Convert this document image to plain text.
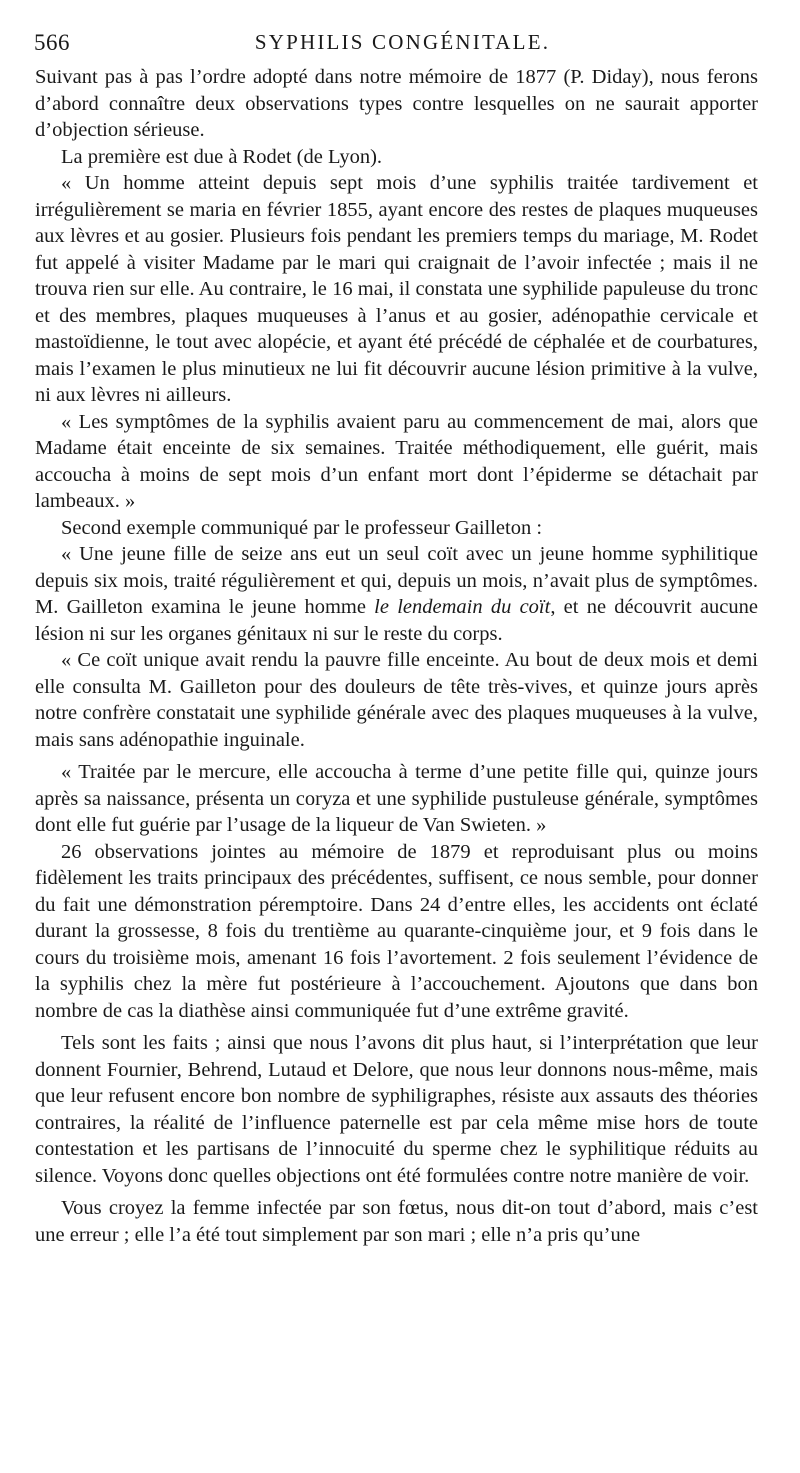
566	SYPHILIS CONGÉNITALE.

Suivant pas à pas l’ordre adopté dans notre mémoire de 1877 (P. Diday), nous ferons d’abord connaître deux observations types contre lesquelles on ne saurait apporter d’objection sérieuse.

La première est due à Rodet (de Lyon).

« Un homme atteint depuis sept mois d’une syphilis traitée tardivement et irrégulièrement se maria en février 1855, ayant encore des restes de plaques muqueuses aux lèvres et au gosier. Plusieurs fois pendant les premiers temps du mariage, M. Rodet fut appelé à visiter Madame par le mari qui craignait de l’avoir infectée ; mais il ne trouva rien sur elle. Au contraire, le 16 mai, il constata une syphilide papuleuse du tronc et des membres, plaques muqueuses à l’anus et au gosier, adénopathie cervicale et mastoïdienne, le tout avec alopécie, et ayant été précédé de céphalée et de courbatures, mais l’examen le plus minutieux ne lui fit découvrir aucune lésion primitive à la vulve, ni aux lèvres ni ailleurs.

« Les symptômes de la syphilis avaient paru au commencement de mai, alors que Madame était enceinte de six semaines. Traitée méthodiquement, elle guérit, mais accoucha à moins de sept mois d’un enfant mort dont l’épiderme se détachait par lambeaux. »

Second exemple communiqué par le professeur Gailleton :

« Une jeune fille de seize ans eut un seul coït avec un jeune homme syphilitique depuis six mois, traité régulièrement et qui, depuis un mois, n’avait plus de symptômes. M. Gailleton examina le jeune homme le lendemain du coït, et ne découvrit aucune lésion ni sur les organes génitaux ni sur le reste du corps.

« Ce coït unique avait rendu la pauvre fille enceinte. Au bout de deux mois et demi elle consulta M. Gailleton pour des douleurs de tête très-vives, et quinze jours après notre confrère constatait une syphilide générale avec des plaques muqueuses à la vulve, mais sans adénopathie inguinale.

« Traitée par le mercure, elle accoucha à terme d’une petite fille qui, quinze jours après sa naissance, présenta un coryza et une syphilide pustuleuse générale, symptômes dont elle fut guérie par l’usage de la liqueur de Van Swieten. »

26 observations jointes au mémoire de 1879 et reproduisant plus ou moins fidèlement les traits principaux des précédentes, suffisent, ce nous semble, pour donner du fait une démonstration péremptoire. Dans 24 d’entre elles, les accidents ont éclaté durant la grossesse, 8 fois du trentième au quarante-cinquième jour, et 9 fois dans le cours du troisième mois, amenant 16 fois l’avortement. 2 fois seulement l’évidence de la syphilis chez la mère fut postérieure à l’accouchement. Ajoutons que dans bon nombre de cas la diathèse ainsi communiquée fut d’une extrême gravité.

Tels sont les faits ; ainsi que nous l’avons dit plus haut, si l’interprétation que leur donnent Fournier, Behrend, Lutaud et Delore, que nous leur donnons nous-même, mais que leur refusent encore bon nombre de syphiligraphes, résiste aux assauts des théories contraires, la réalité de l’influence paternelle est par cela même mise hors de toute contestation et les partisans de l’innocuité du sperme chez le syphilitique réduits au silence. Voyons donc quelles objections ont été formulées contre notre manière de voir.

Vous croyez la femme infectée par son fœtus, nous dit-on tout d’abord, mais c’est une erreur ; elle l’a été tout simplement par son mari ; elle n’a pris qu’une
